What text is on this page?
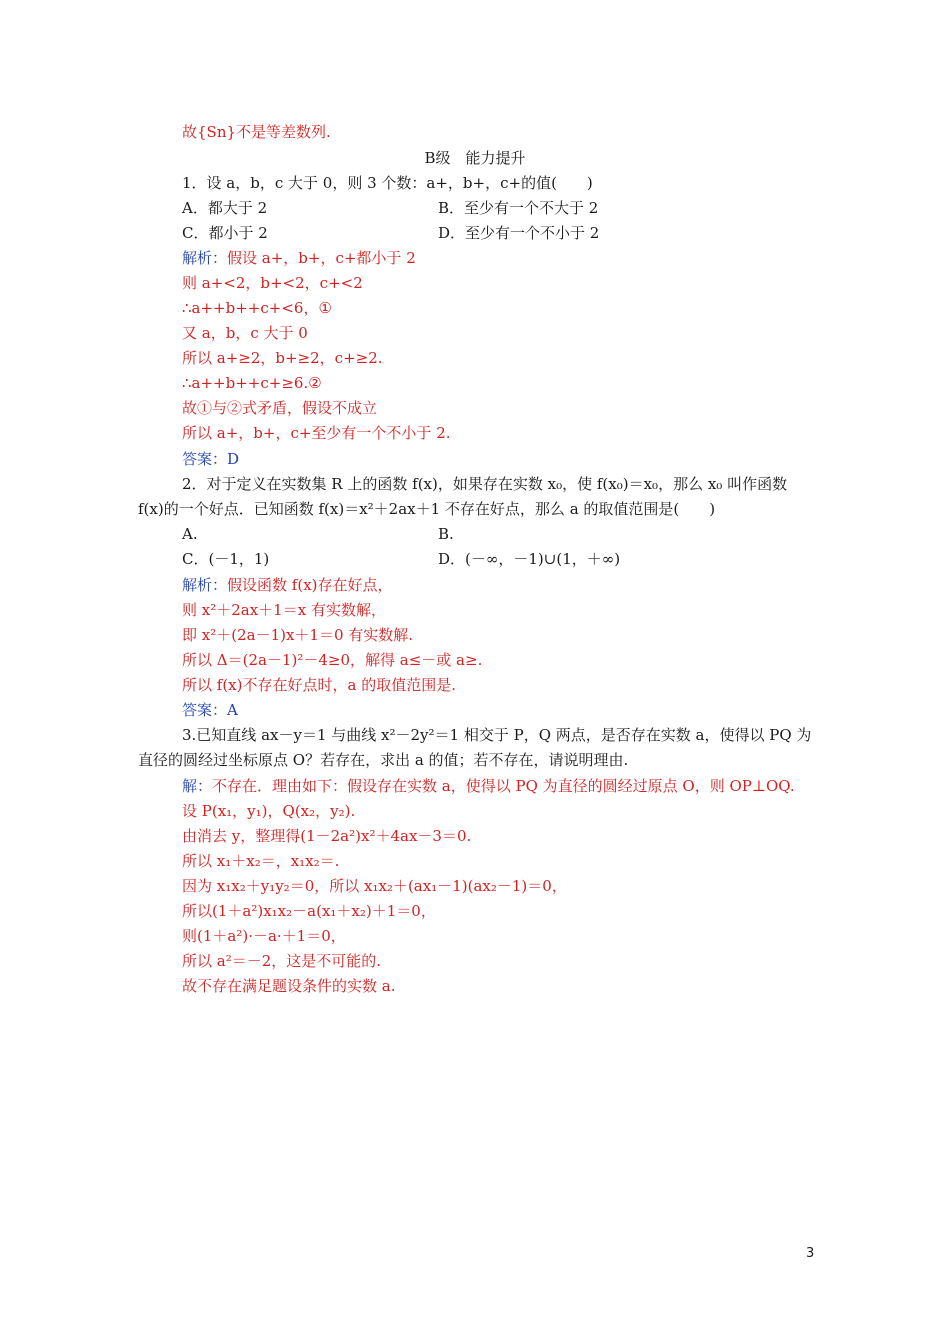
故{Sn}不是等差数列.
B级　能力提升
1．设 a，b，c 大于 0，则 3 个数：a+，b+，c+的值(　　)
A．都大于 2	B．至少有一个不大于 2
C．都小于 2	D．至少有一个不小于 2
解析：假设 a+，b+，c+都小于 2
则 a+<2，b+<2，c+<2
∴a++b++c+<6，①
又 a，b，c 大于 0
所以 a+≥2，b+≥2，c+≥2.
∴a++b++c+≥6.②
故①与②式矛盾，假设不成立
所以 a+，b+，c+至少有一个不小于 2.
答案：D
2．对于定义在实数集 R 上的函数 f(x)，如果存在实数 x₀，使 f(x₀)＝x₀，那么 x₀ 叫作函数
f(x)的一个好点．已知函数 f(x)＝x²＋2ax＋1 不存在好点，那么 a 的取值范围是(　　)
A.	B.
C．(－1，1)	D．(－∞，－1)∪(1，＋∞)
解析：假设函数 f(x)存在好点，
则 x²＋2ax＋1＝x 有实数解，
即 x²＋(2a－1)x＋1＝0 有实数解.
所以 Δ＝(2a－1)²－4≥0，解得 a≤－或 a≥.
所以 f(x)不存在好点时，a 的取值范围是.
答案：A
3.已知直线 ax－y＝1 与曲线 x²－2y²＝1 相交于 P，Q 两点，是否存在实数 a，使得以 PQ 为
直径的圆经过坐标原点 O？若存在，求出 a 的值；若不存在，请说明理由.
解：不存在．理由如下：假设存在实数 a，使得以 PQ 为直径的圆经过原点 O，则 OP⊥OQ.
设 P(x₁，y₁)，Q(x₂，y₂).
由消去 y，整理得(1－2a²)x²＋4ax－3＝0.
所以 x₁＋x₂＝，x₁x₂＝.
因为 x₁x₂＋y₁y₂＝0，所以 x₁x₂＋(ax₁－1)(ax₂－1)＝0，
所以(1＋a²)x₁x₂－a(x₁＋x₂)＋1＝0，
则(1＋a²)·－a·＋1＝0，
所以 a²＝－2，这是不可能的.
故不存在满足题设条件的实数 a.
3
